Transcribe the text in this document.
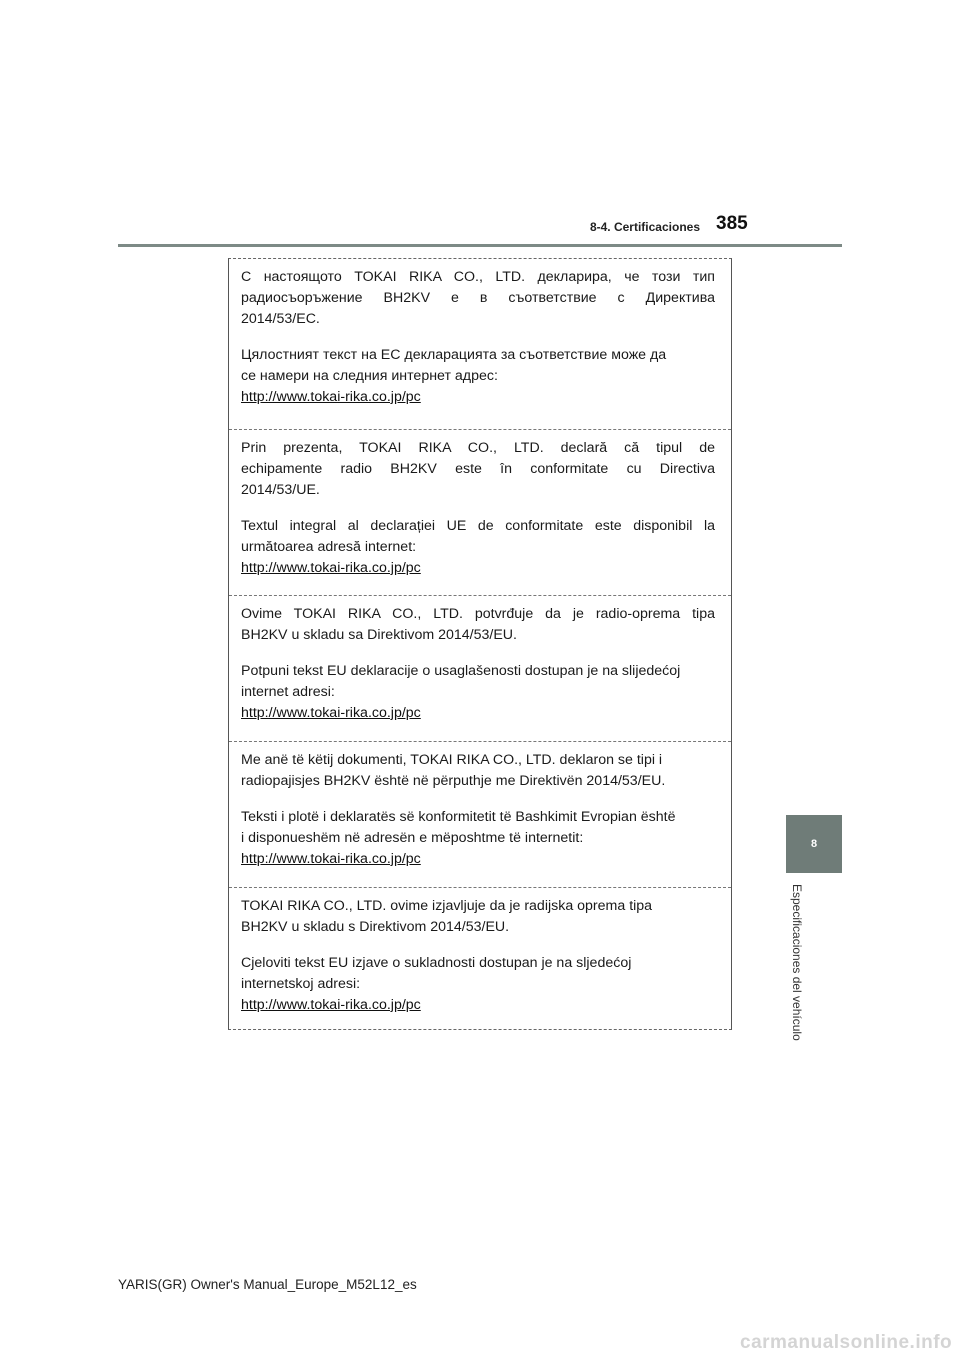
8-4. Certificaciones 385
8
Especificaciones del vehículo

С настоящото TOKAI RIKA CO., LTD. декларира, че този тип

радиосъоръжение BH2KV е в съответствие с Директива

2014/53/ЕС.

Цялостният текст на ЕС декларацията за съответствие може да

се намери на следния интернет адрес:

http://www.tokai-rika.co.jp/pc

Prin prezenta, TOKAI RIKA CO., LTD. declară că tipul de

echipamente radio BH2KV este în conformitate cu Directiva

2014/53/UE.

Textul integral al declarației UE de conformitate este disponibil la

următoarea adresă internet:

http://www.tokai-rika.co.jp/pc

Ovime TOKAI RIKA CO., LTD. potvrđuje da je radio-oprema tipa

BH2KV u skladu sa Direktivom 2014/53/EU.

Potpuni tekst EU deklaracije o usaglašenosti dostupan je na slijedećoj

internet adresi:

http://www.tokai-rika.co.jp/pc

Me anë të këtij dokumenti, TOKAI RIKA CO., LTD. deklaron se tipi i

radiopajisjes BH2KV është në përputhje me Direktivën 2014/53/EU.

Teksti i plotë i deklaratës së konformitetit të Bashkimit Evropian është

i disponueshëm në adresën e mëposhtme të internetit:

http://www.tokai-rika.co.jp/pc

TOKAI RIKA CO., LTD. ovime izjavljuje da je radijska oprema tipa

BH2KV u skladu s Direktivom 2014/53/EU.

Cjeloviti tekst EU izjave o sukladnosti dostupan je na sljedećoj

internetskoj adresi:

http://www.tokai-rika.co.jp/pc

YARIS(GR) Owner's Manual_Europe_M52L12_es
carmanualsonline.info
